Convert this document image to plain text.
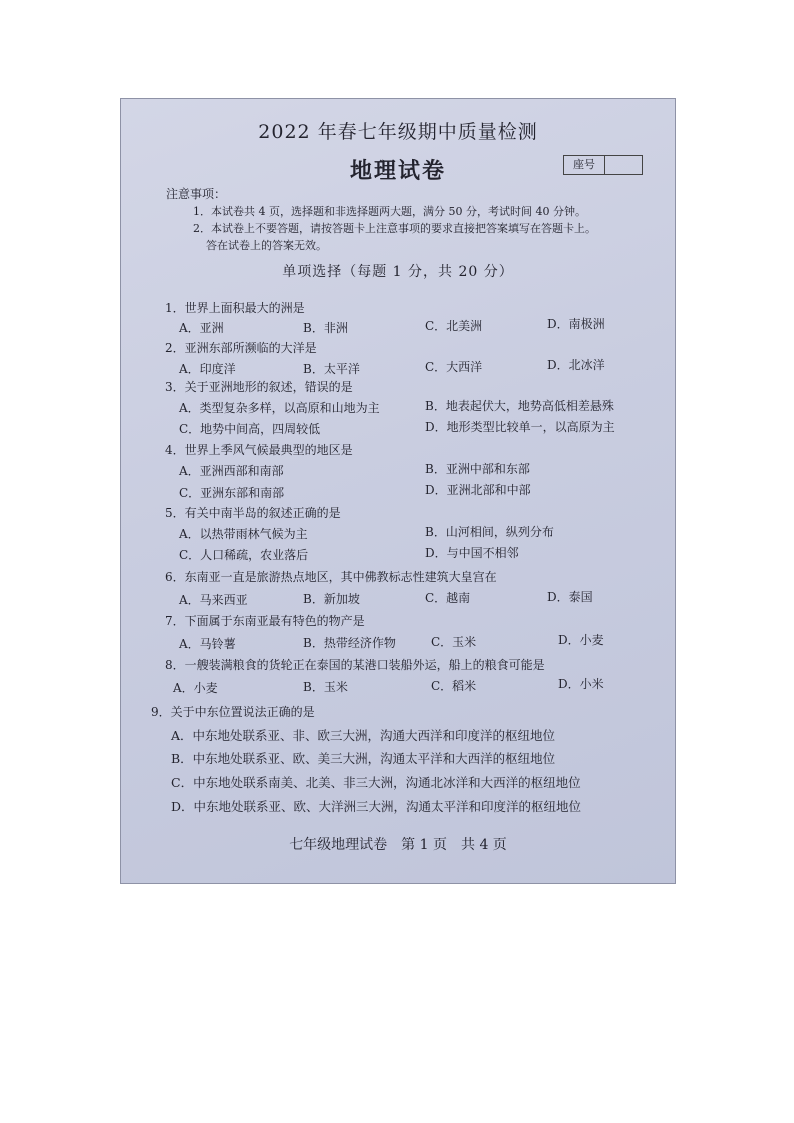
2022 年春七年级期中质量检测
地理试卷	座号
注意事项：
1．本试卷共 4 页，选择题和非选择题两大题，满分 50 分，考试时间 40 分钟。
2．本试卷上不要答题，请按答题卡上注意事项的要求直接把答案填写在答题卡上。
答在试卷上的答案无效。
单项选择（每题 1 分，共 20 分）
1．世界上面积最大的洲是
A．亚洲	B．非洲	C．北美洲	D．南极洲
2．亚洲东部所濒临的大洋是
A．印度洋	B．太平洋	C．大西洋	D．北冰洋
3．关于亚洲地形的叙述，错误的是
A．类型复杂多样，以高原和山地为主	B．地表起伏大，地势高低相差悬殊
C．地势中间高，四周较低	D．地形类型比较单一，以高原为主
4．世界上季风气候最典型的地区是
A．亚洲西部和南部	B．亚洲中部和东部
C．亚洲东部和南部	D．亚洲北部和中部
5．有关中南半岛的叙述正确的是
A．以热带雨林气候为主	B．山河相间，纵列分布
C．人口稀疏，农业落后	D．与中国不相邻
6．东南亚一直是旅游热点地区，其中佛教标志性建筑大皇宫在
A．马来西亚	B．新加坡	C．越南	D．泰国
7．下面属于东南亚最有特色的物产是
A．马铃薯	B．热带经济作物	C．玉米	D．小麦
8．一艘装满粮食的货轮正在泰国的某港口装船外运，船上的粮食可能是
A．小麦	B．玉米	C．稻米	D．小米
9．关于中东位置说法正确的是
A．中东地处联系亚、非、欧三大洲，沟通大西洋和印度洋的枢纽地位
B．中东地处联系亚、欧、美三大洲，沟通太平洋和大西洋的枢纽地位
C．中东地处联系南美、北美、非三大洲，沟通北冰洋和大西洋的枢纽地位
D．中东地处联系亚、欧、大洋洲三大洲，沟通太平洋和印度洋的枢纽地位
七年级地理试卷　第 1 页　共 4 页
